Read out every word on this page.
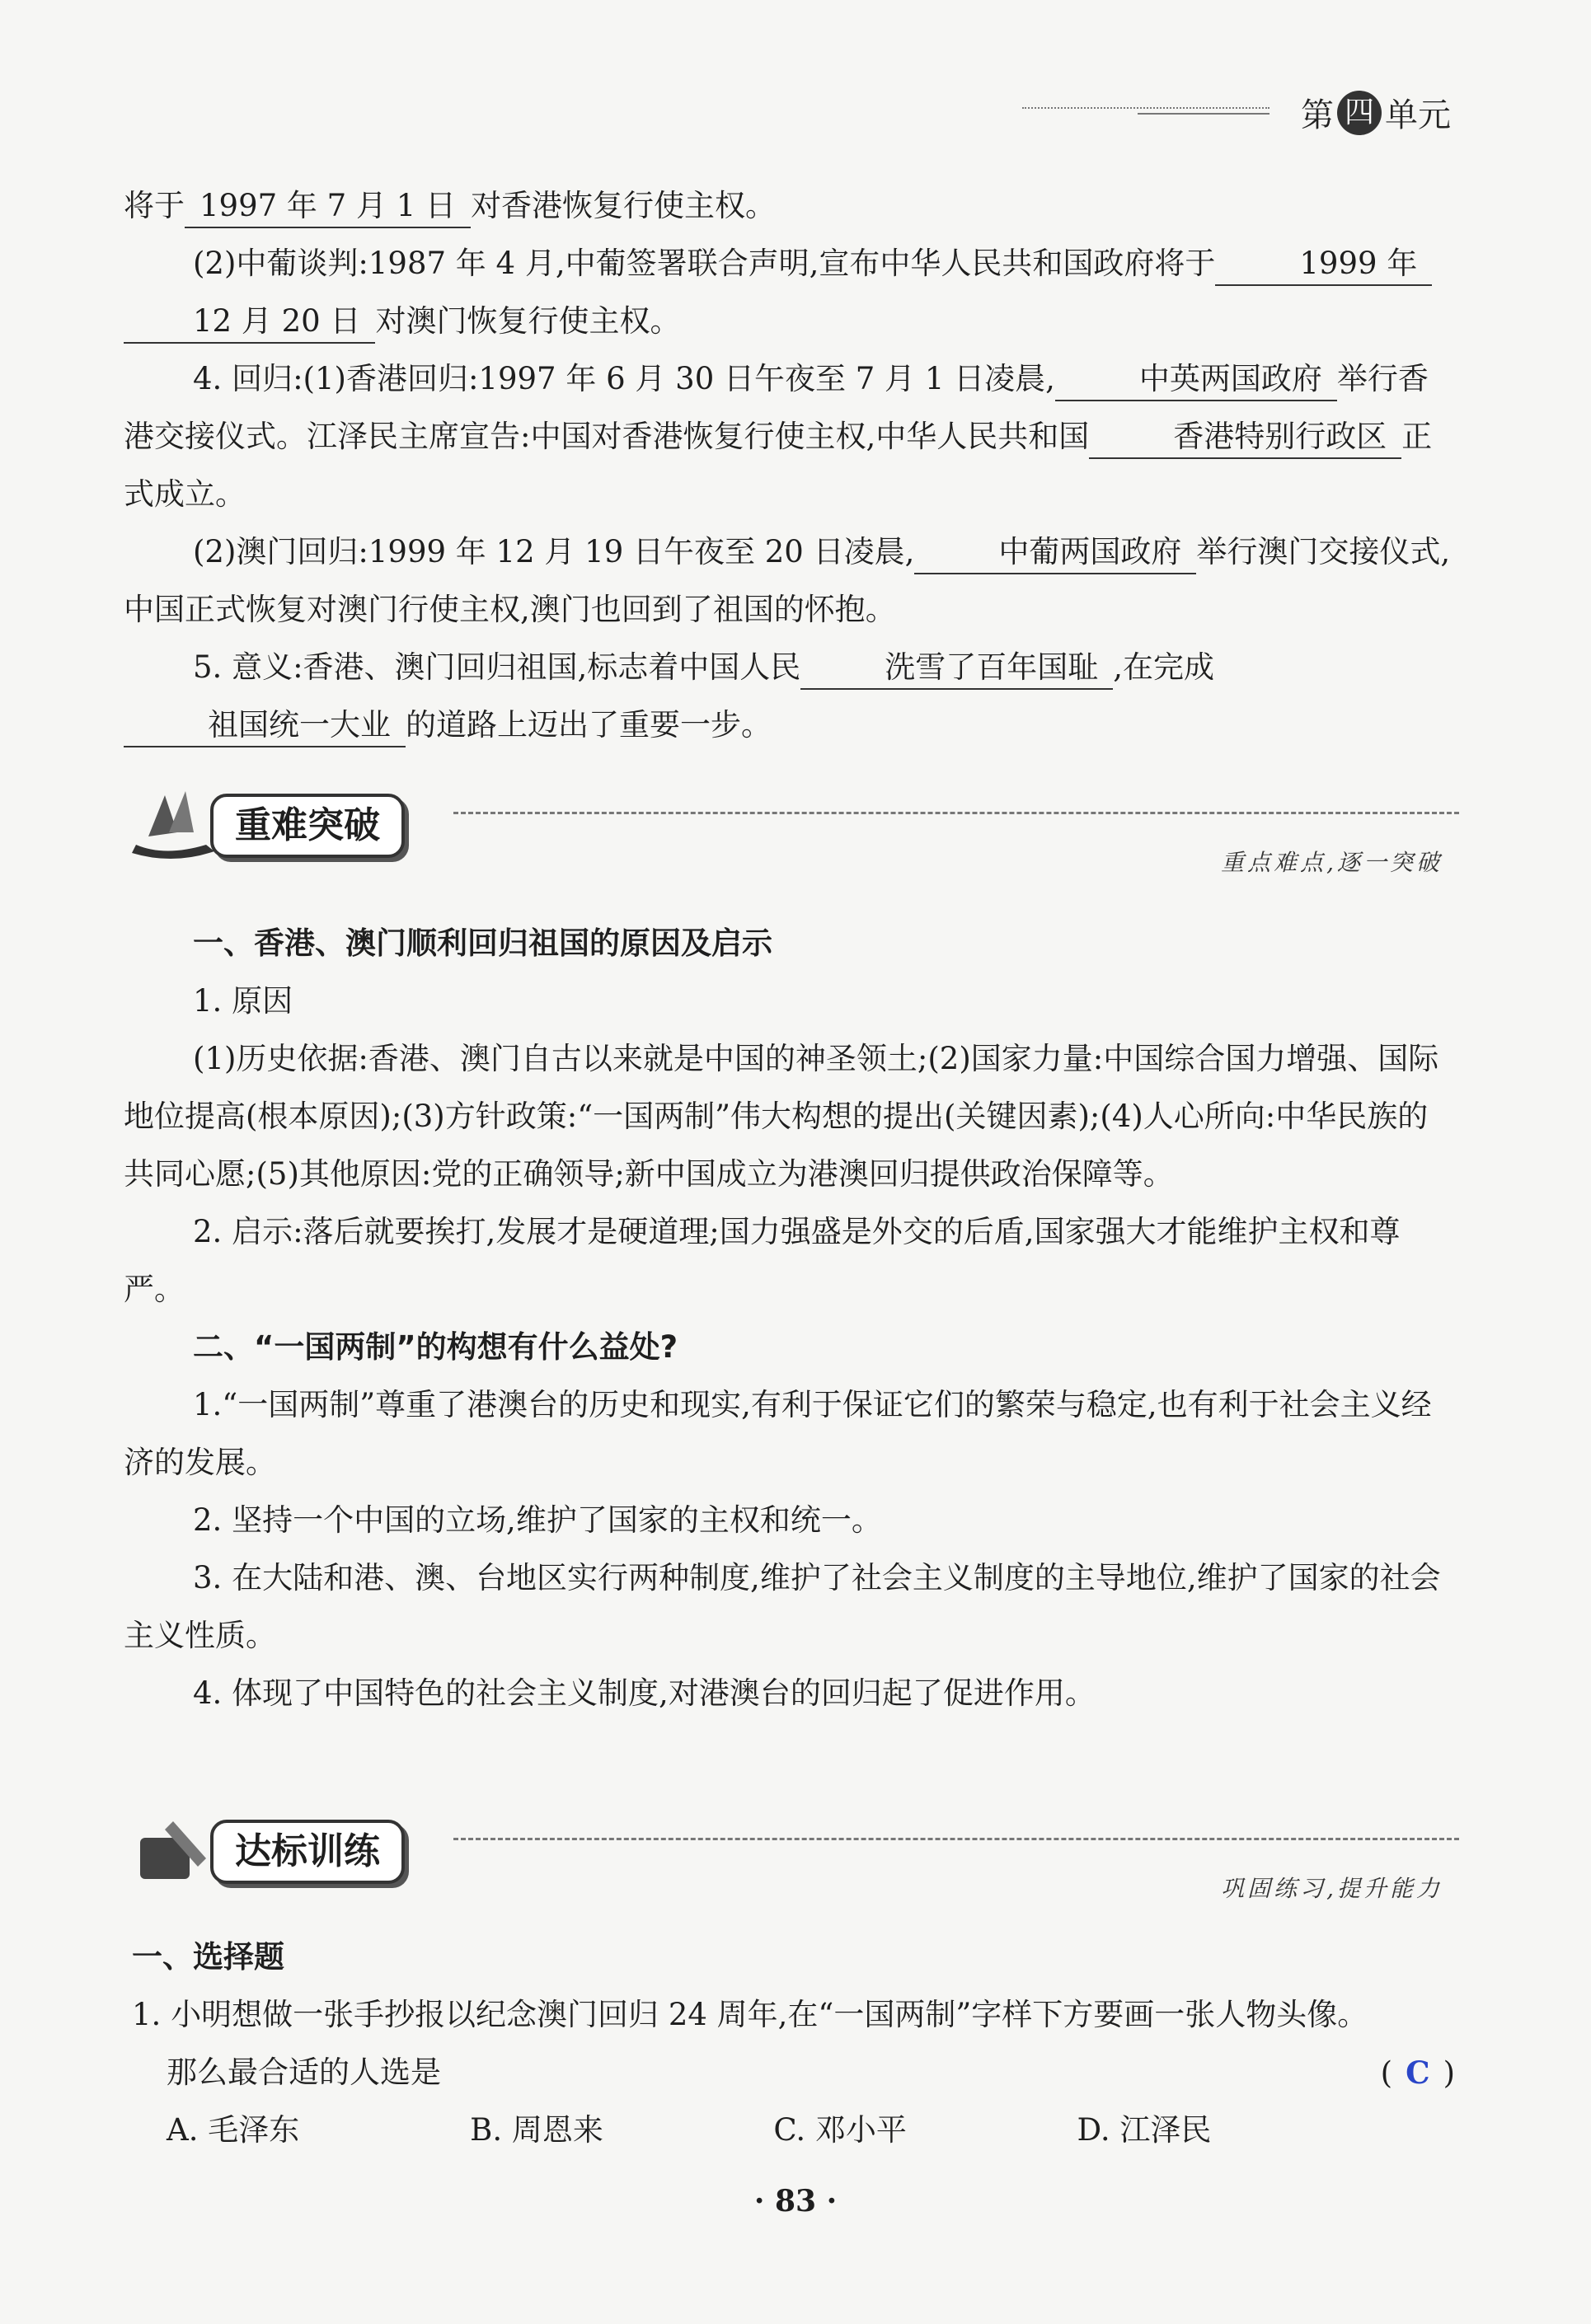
第 四 单元

将于 1997 年 7 月 1 日 对香港恢复行使主权。

(2)中葡谈判:1987 年 4 月,中葡签署联合声明,宣布中华人民共和国政府将于	1999 年
12 月 20 日 对澳门恢复行使主权。

4. 回归:(1)香港回归:1997 年 6 月 30 日午夜至 7 月 1 日凌晨,	中英两国政府 举行香港交接仪式。江泽民主席宣告:中国对香港恢复行使主权,中华人民共和国	香港特别行政区 正式成立。

(2)澳门回归:1999 年 12 月 19 日午夜至 20 日凌晨,	中葡两国政府 举行澳门交接仪式,中国正式恢复对澳门行使主权,澳门也回到了祖国的怀抱。

5. 意义:香港、澳门回归祖国,标志着中国人民	洗雪了百年国耻 ,在完成祖国统一大业 的道路上迈出了重要一步。

重难突破
重点难点,逐一突破

一、香港、澳门顺利回归祖国的原因及启示

1. 原因

(1)历史依据:香港、澳门自古以来就是中国的神圣领土;(2)国家力量:中国综合国力增强、国际地位提高(根本原因);(3)方针政策:“一国两制”伟大构想的提出(关键因素);(4)人心所向:中华民族的共同心愿;(5)其他原因:党的正确领导;新中国成立为港澳回归提供政治保障等。

2. 启示:落后就要挨打,发展才是硬道理;国力强盛是外交的后盾,国家强大才能维护主权和尊严。

二、“一国两制”的构想有什么益处?

1.“一国两制”尊重了港澳台的历史和现实,有利于保证它们的繁荣与稳定,也有利于社会主义经济的发展。

2. 坚持一个中国的立场,维护了国家的主权和统一。

3. 在大陆和港、澳、台地区实行两种制度,维护了社会主义制度的主导地位,维护了国家的社会主义性质。

4. 体现了中国特色的社会主义制度,对港澳台的回归起了促进作用。

达标训练
巩固练习,提升能力

一、选择题

1. 小明想做一张手抄报以纪念澳门回归 24 周年,在“一国两制”字样下方要画一张人物头像。

那么最合适的人选是	( C )

A. 毛泽东	B. 周恩来	C. 邓小平	D. 江泽民
· 83 ·
